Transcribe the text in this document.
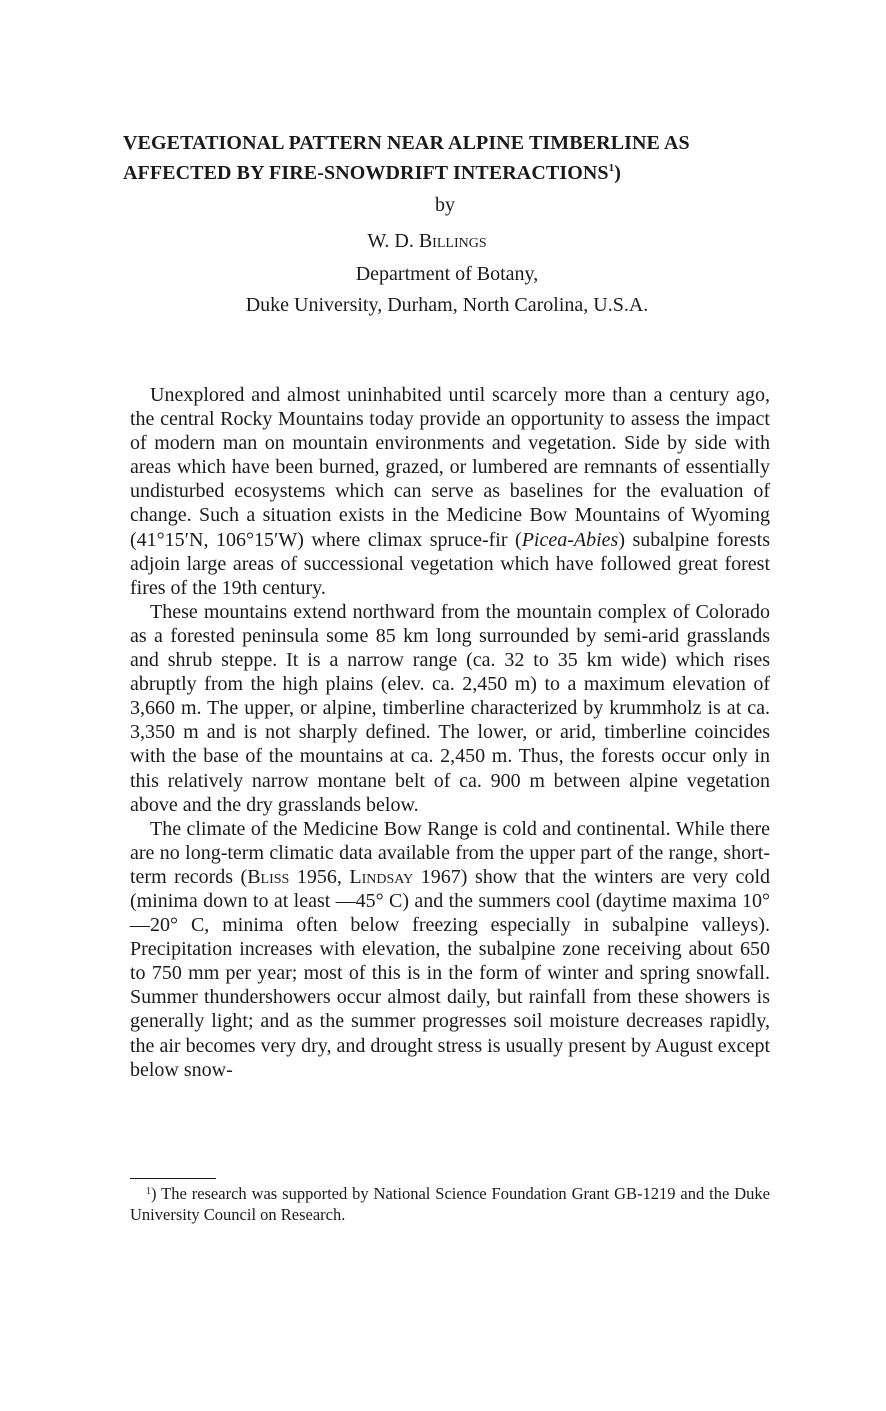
VEGETATIONAL PATTERN NEAR ALPINE TIMBERLINE AS AFFECTED BY FIRE-SNOWDRIFT INTERACTIONS$^1$)

by

W. D. Billings

Department of Botany,

Duke University, Durham, North Carolina, U.S.A.

Unexplored and almost uninhabited until scarcely more than a century ago, the central Rocky Mountains today provide an opportunity to assess the impact of modern man on mountain environments and vegetation. Side by side with areas which have been burned, grazed, or lumbered are remnants of essentially undisturbed ecosystems which can serve as baselines for the evaluation of change. Such a situation exists in the Medicine Bow Mountains of Wyoming (41°15′N, 106°15′W) where climax spruce-fir (Picea-Abies) subalpine forests adjoin large areas of successional vegetation which have followed great forest fires of the 19th century.

These mountains extend northward from the mountain complex of Colorado as a forested peninsula some 85 km long surrounded by semi-arid grasslands and shrub steppe. It is a narrow range (ca. 32 to 35 km wide) which rises abruptly from the high plains (elev. ca. 2,450 m) to a maximum elevation of 3,660 m. The upper, or alpine, timberline characterized by krummholz is at ca. 3,350 m and is not sharply defined. The lower, or arid, timberline coincides with the base of the mountains at ca. 2,450 m. Thus, the forests occur only in this relatively narrow montane belt of ca. 900 m between alpine vegetation above and the dry grasslands below.

The climate of the Medicine Bow Range is cold and continental. While there are no long-term climatic data available from the upper part of the range, short-term records (Bliss 1956, Lindsay 1967) show that the winters are very cold (minima down to at least —45° C) and the summers cool (daytime maxima 10°—20° C, minima often below freezing especially in subalpine valleys). Precipitation increases with elevation, the subalpine zone receiving about 650 to 750 mm per year; most of this is in the form of winter and spring snowfall. Summer thundershowers occur almost daily, but rainfall from these showers is generally light; and as the summer progresses soil moisture decreases rapidly, the air becomes very dry, and drought stress is usually present by August except below snow-

$^1$) The research was supported by National Science Foundation Grant GB-1219 and the Duke University Council on Research.
